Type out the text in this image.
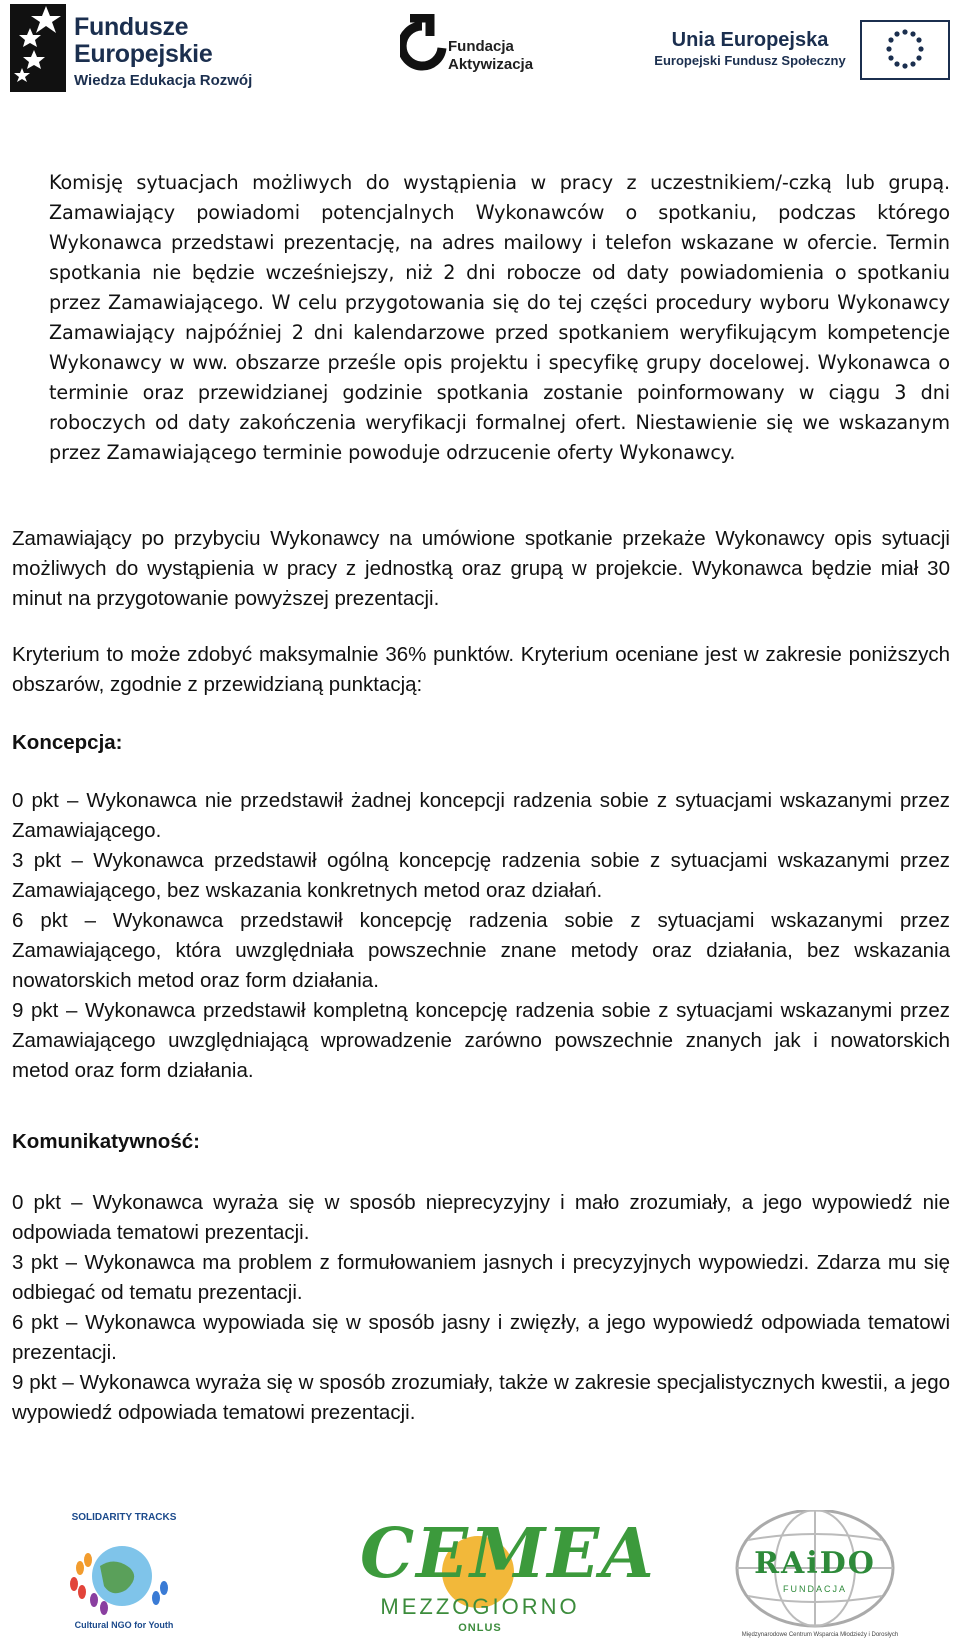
Fundusze
Europejskie
Wiedza Edukacja Rozwój
Fundacja
Aktywizacja
Unia Europejska
Europejski Fundusz Społeczny

Komisję sytuacjach możliwych do wystąpienia w pracy z uczestnikiem/-czką lub grupą. Zamawiający powiadomi potencjalnych Wykonawców o spotkaniu, podczas którego Wykonawca przedstawi prezentację, na adres mailowy i telefon wskazane w ofercie. Termin spotkania nie będzie wcześniejszy, niż 2 dni robocze od daty powiadomienia o spotkaniu przez Zamawiającego. W celu przygotowania się do tej części procedury wyboru Wykonawcy Zamawiający najpóźniej 2 dni kalendarzowe przed spotkaniem weryfikującym kompetencje Wykonawcy w ww. obszarze prześle opis projektu i specyfikę grupy docelowej. Wykonawca o terminie oraz przewidzianej godzinie spotkania zostanie poinformowany w ciągu 3 dni roboczych od daty zakończenia weryfikacji formalnej ofert. Niestawienie się we wskazanym przez Zamawiającego terminie powoduje odrzucenie oferty Wykonawcy.

Zamawiający po przybyciu Wykonawcy na umówione spotkanie przekaże Wykonawcy opis sytuacji możliwych do wystąpienia w pracy z jednostką oraz grupą w projekcie. Wykonawca będzie miał 30 minut na przygotowanie powyższej prezentacji.

Kryterium to może zdobyć maksymalnie 36% punktów. Kryterium oceniane jest w zakresie poniższych obszarów, zgodnie z przewidzianą punktacją:

Koncepcja:

0 pkt – Wykonawca nie przedstawił żadnej koncepcji radzenia sobie z sytuacjami wskazanymi przez Zamawiającego.
3 pkt – Wykonawca przedstawił ogólną koncepcję radzenia sobie z sytuacjami wskazanymi przez Zamawiającego, bez wskazania konkretnych metod oraz działań.
6 pkt – Wykonawca przedstawił koncepcję radzenia sobie z sytuacjami wskazanymi przez Zamawiającego, która uwzględniała powszechnie znane metody oraz działania, bez wskazania nowatorskich metod oraz form działania.
9 pkt – Wykonawca przedstawił kompletną koncepcję radzenia sobie z sytuacjami wskazanymi przez Zamawiającego uwzględniającą wprowadzenie zarówno powszechnie znanych jak i nowatorskich metod oraz form działania.

Komunikatywność:

0 pkt – Wykonawca wyraża się w sposób nieprecyzyjny i mało zrozumiały, a jego wypowiedź nie odpowiada tematowi prezentacji.
3 pkt – Wykonawca ma problem z formułowaniem jasnych i precyzyjnych wypowiedzi. Zdarza mu się odbiegać od tematu prezentacji.
6 pkt – Wykonawca wypowiada się w sposób jasny i zwięzły, a jego wypowiedź odpowiada tematowi prezentacji.
9 pkt – Wykonawca wyraża się w sposób zrozumiały, także w zakresie specjalistycznych kwestii, a jego wypowiedź odpowiada tematowi prezentacji.
SOLIDARITY TRACKS
Cultural NGO for Youth
CEMEA
MEZZOGIORNO
ONLUS
RAiDO
FUNDACJA
Międzynarodowe Centrum Wsparcia Młodzieży i Dorosłych
